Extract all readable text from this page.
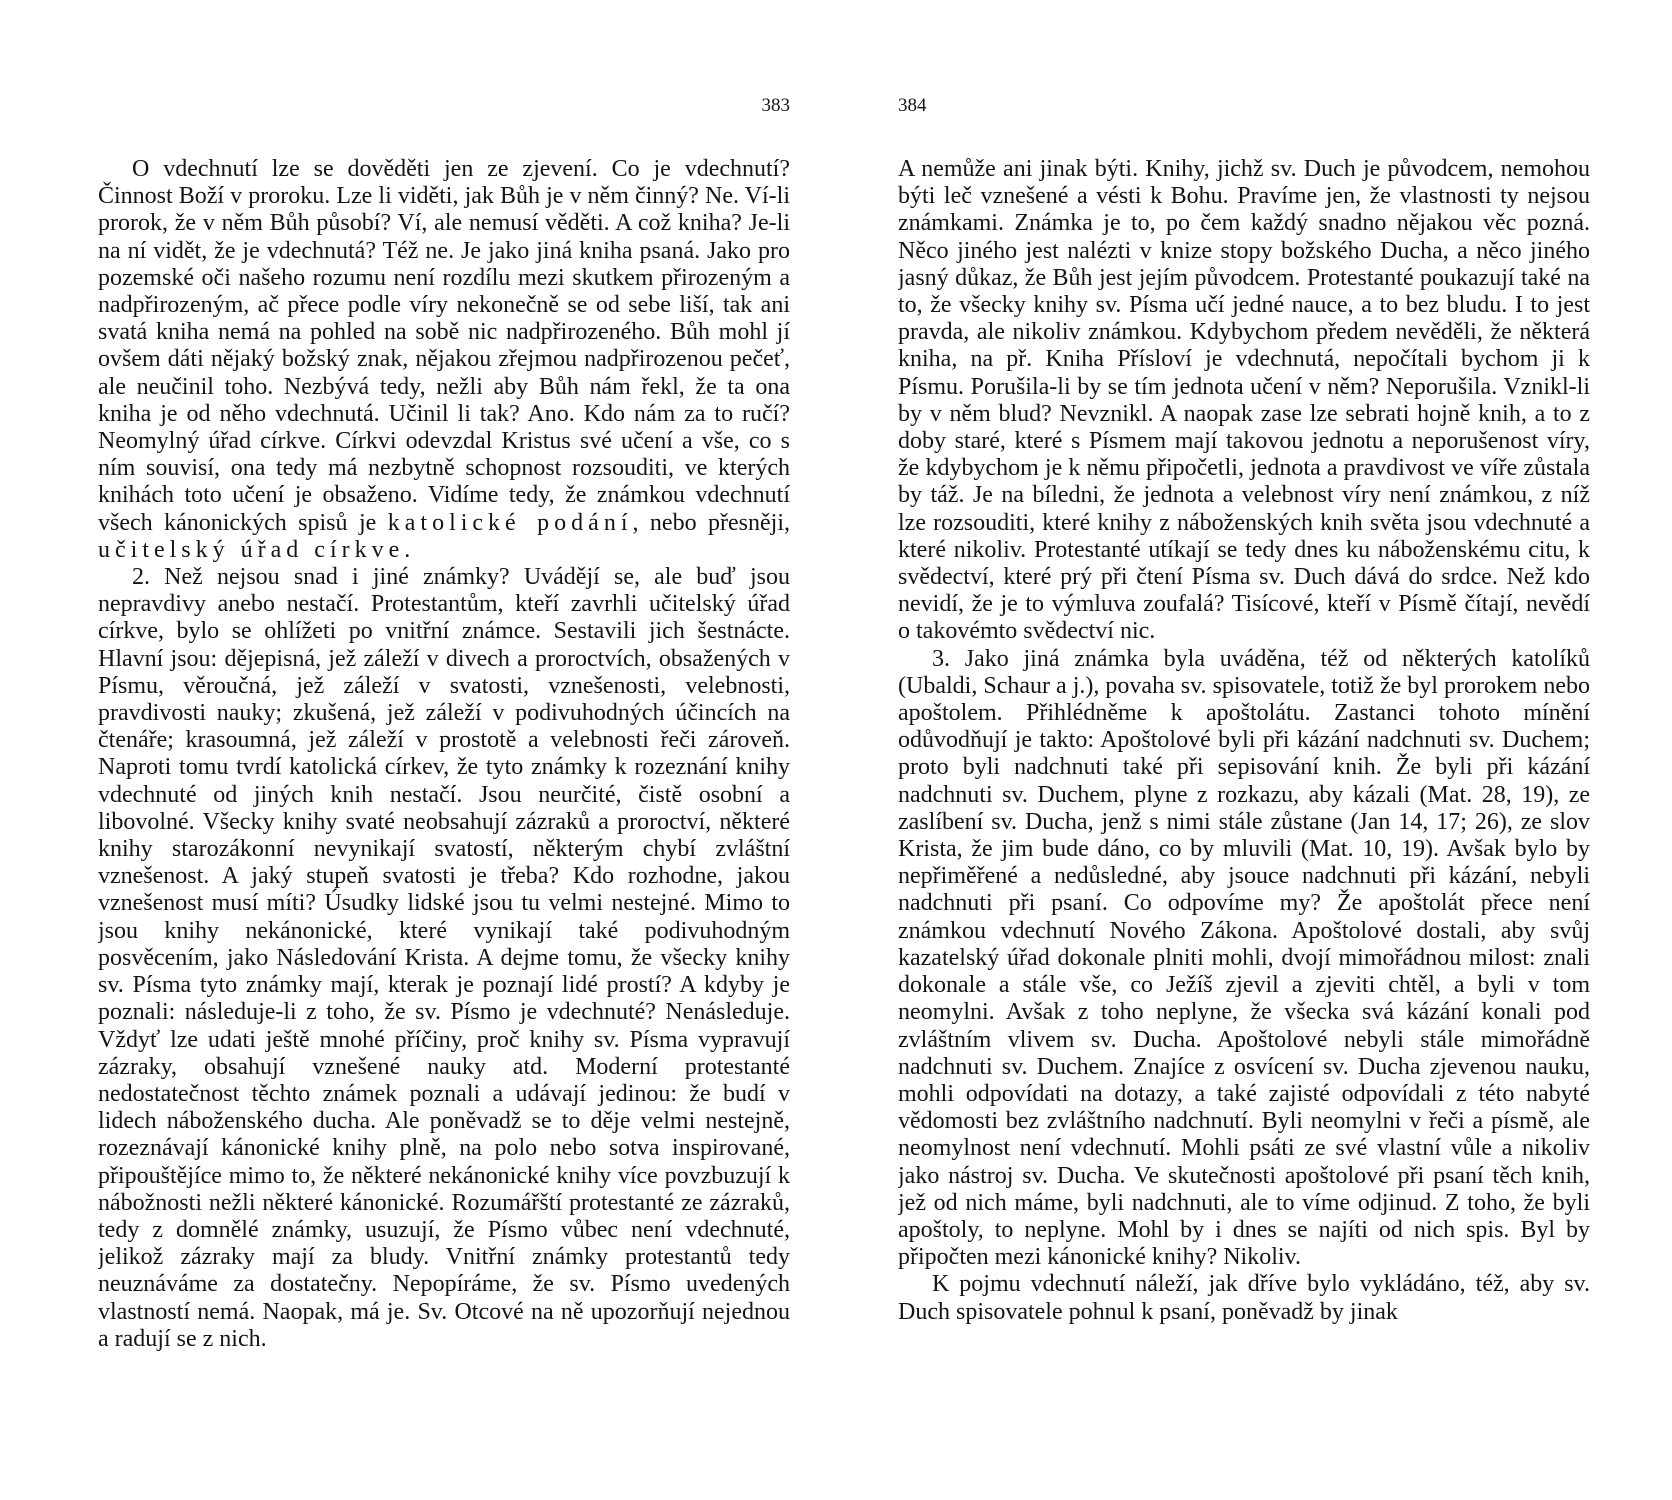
383

O vdechnutí lze se dověděti jen ze zjevení. Co je vdechnutí? Činnost Boží v proroku. Lze li viděti, jak Bůh je v něm činný? Ne. Ví-li prorok, že v něm Bůh působí? Ví, ale nemusí věděti. A což kniha? Je-li na ní vidět, že je vdechnutá? Též ne. Je jako jiná kniha psaná. Jako pro pozemské oči našeho rozumu není rozdílu mezi skutkem přirozeným a nadpřirozeným, ač přece podle víry nekonečně se od sebe liší, tak ani svatá kniha nemá na pohled na sobě nic nadpřirozeného. Bůh mohl jí ovšem dáti nějaký božský znak, nějakou zřejmou nadpřirozenou pečeť, ale neučinil toho. Nezbývá tedy, nežli aby Bůh nám řekl, že ta ona kniha je od něho vdechnutá. Učinil li tak? Ano. Kdo nám za to ručí? Neomylný úřad církve. Církvi odevzdal Kristus své učení a vše, co s ním souvisí, ona tedy má nezbytně schopnost rozsouditi, ve kterých knihách toto učení je obsaženo. Vidíme tedy, že známkou vdechnutí všech kánonických spisů je katolické podání, nebo přesněji, učitelský úřad církve.

2. Než nejsou snad i jiné známky? Uvádějí se, ale buď jsou nepravdivy anebo nestačí. Protestantům, kteří zavrhli učitelský úřad církve, bylo se ohlížeti po vnitřní známce. Sestavili jich šestnácte. Hlavní jsou: dějepisná, jež záleží v divech a proroctvích, obsažených v Písmu, věroučná, jež záleží v svatosti, vznešenosti, velebnosti, pravdivosti nauky; zkušená, jež záleží v podivuhodných účincích na čtenáře; krasoumná, jež záleží v prostotě a velebnosti řeči zároveň. Naproti tomu tvrdí katolická církev, že tyto známky k rozeznání knihy vdechnuté od jiných knih nestačí. Jsou neurčité, čistě osobní a libovolné. Všecky knihy svaté neobsahují zázraků a proroctví, některé knihy starozákonní nevynikají svatostí, některým chybí zvláštní vznešenost. A jaký stupeň svatosti je třeba? Kdo rozhodne, jakou vznešenost musí míti? Úsudky lidské jsou tu velmi nestejné. Mimo to jsou knihy nekánonické, které vynikají také podivuhodným posvěcením, jako Následování Krista. A dejme tomu, že všecky knihy sv. Písma tyto známky mají, kterak je poznají lidé prostí? A kdyby je poznali: následuje-li z toho, že sv. Písmo je vdechnuté? Nenásleduje. Vždyť lze udati ještě mnohé příčiny, proč knihy sv. Písma vypravují zázraky, obsahují vznešené nauky atd. Moderní protestanté nedostatečnost těchto známek poznali a udávají jedinou: že budí v lidech náboženského ducha. Ale poněvadž se to děje velmi nestejně, rozeznávají kánonické knihy plně, na polo nebo sotva inspirované, připouštějíce mimo to, že některé nekánonické knihy více povzbuzují k nábožnosti nežli některé kánonické. Rozumářští protestanté ze zázraků, tedy z domnělé známky, usuzují, že Písmo vůbec není vdechnuté, jelikož zázraky mají za bludy. Vnitřní známky protestantů tedy neuznáváme za dostatečny. Nepopíráme, že sv. Písmo uvedených vlastností nemá. Naopak, má je. Sv. Otcové na ně upozorňují nejednou a radují se z nich.

384

A nemůže ani jinak býti. Knihy, jichž sv. Duch je původcem, nemohou býti leč vznešené a vésti k Bohu. Pravíme jen, že vlastnosti ty nejsou známkami. Známka je to, po čem každý snadno nějakou věc pozná. Něco jiného jest nalézti v knize stopy božského Ducha, a něco jiného jasný důkaz, že Bůh jest jejím původcem. Protestanté poukazují také na to, že všecky knihy sv. Písma učí jedné nauce, a to bez bludu. I to jest pravda, ale nikoliv známkou. Kdybychom předem nevěděli, že některá kniha, na př. Kniha Přísloví je vdechnutá, nepočítali bychom ji k Písmu. Porušila-li by se tím jednota učení v něm? Neporušila. Vznikl-li by v něm blud? Nevznikl. A naopak zase lze sebrati hojně knih, a to z doby staré, které s Písmem mají takovou jednotu a neporušenost víry, že kdybychom je k němu připočetli, jednota a pravdivost ve víře zůstala by táž. Je na bíledni, že jednota a velebnost víry není známkou, z níž lze rozsouditi, které knihy z náboženských knih světa jsou vdechnuté a které nikoliv. Protestanté utíkají se tedy dnes ku náboženskému citu, k svědectví, které prý při čtení Písma sv. Duch dává do srdce. Než kdo nevidí, že je to výmluva zoufalá? Tisícové, kteří v Písmě čítají, nevědí o takovémto svědectví nic.

3. Jako jiná známka byla uváděna, též od některých katolíků (Ubaldi, Schaur a j.), povaha sv. spisovatele, totiž že byl prorokem nebo apoštolem. Přihlédněme k apoštolátu. Zastanci tohoto mínění odůvodňují je takto: Apoštolové byli při kázání nadchnuti sv. Duchem; proto byli nadchnuti také při sepisování knih. Že byli při kázání nadchnuti sv. Duchem, plyne z rozkazu, aby kázali (Mat. 28, 19), ze zaslíbení sv. Ducha, jenž s nimi stále zůstane (Jan 14, 17; 26), ze slov Krista, že jim bude dáno, co by mluvili (Mat. 10, 19). Avšak bylo by nepřiměřené a nedůsledné, aby jsouce nadchnuti při kázání, nebyli nadchnuti při psaní. Co odpovíme my? Že apoštolát přece není známkou vdechnutí Nového Zákona. Apoštolové dostali, aby svůj kazatelský úřad dokonale plniti mohli, dvojí mimořádnou milost: znali dokonale a stále vše, co Ježíš zjevil a zjeviti chtěl, a byli v tom neomylni. Avšak z toho neplyne, že všecka svá kázání konali pod zvláštním vlivem sv. Ducha. Apoštolové nebyli stále mimořádně nadchnuti sv. Duchem. Znajíce z osvícení sv. Ducha zjevenou nauku, mohli odpovídati na dotazy, a také zajisté odpovídali z této nabyté vědomosti bez zvláštního nadchnutí. Byli neomylni v řeči a písmě, ale neomylnost není vdechnutí. Mohli psáti ze své vlastní vůle a nikoliv jako nástroj sv. Ducha. Ve skutečnosti apoštolové při psaní těch knih, jež od nich máme, byli nadchnuti, ale to víme odjinud. Z toho, že byli apoštoly, to neplyne. Mohl by i dnes se najíti od nich spis. Byl by připočten mezi kánonické knihy? Nikoliv.

K pojmu vdechnutí náleží, jak dříve bylo vykládáno, též, aby sv. Duch spisovatele pohnul k psaní, poněvadž by jinak
